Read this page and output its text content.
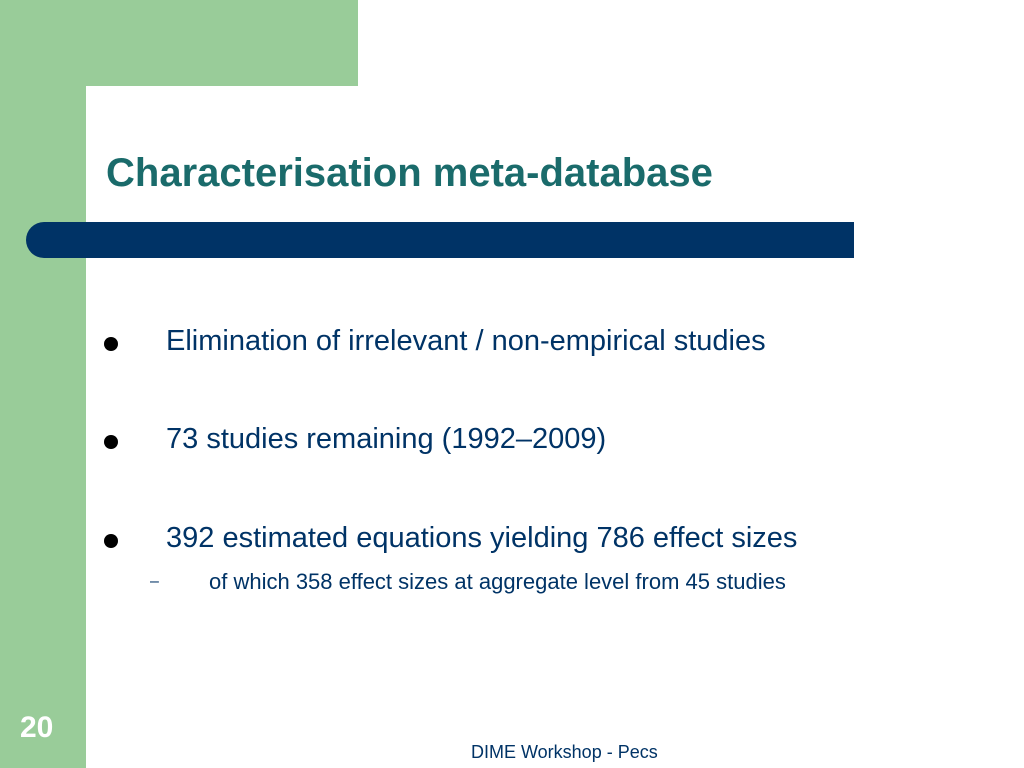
Characterisation meta-database
Elimination of irrelevant / non-empirical studies
73 studies remaining (1992–2009)
392 estimated equations yielding 786 effect sizes
– of which 358 effect sizes at aggregate level from 45 studies
20
DIME Workshop - Pecs
